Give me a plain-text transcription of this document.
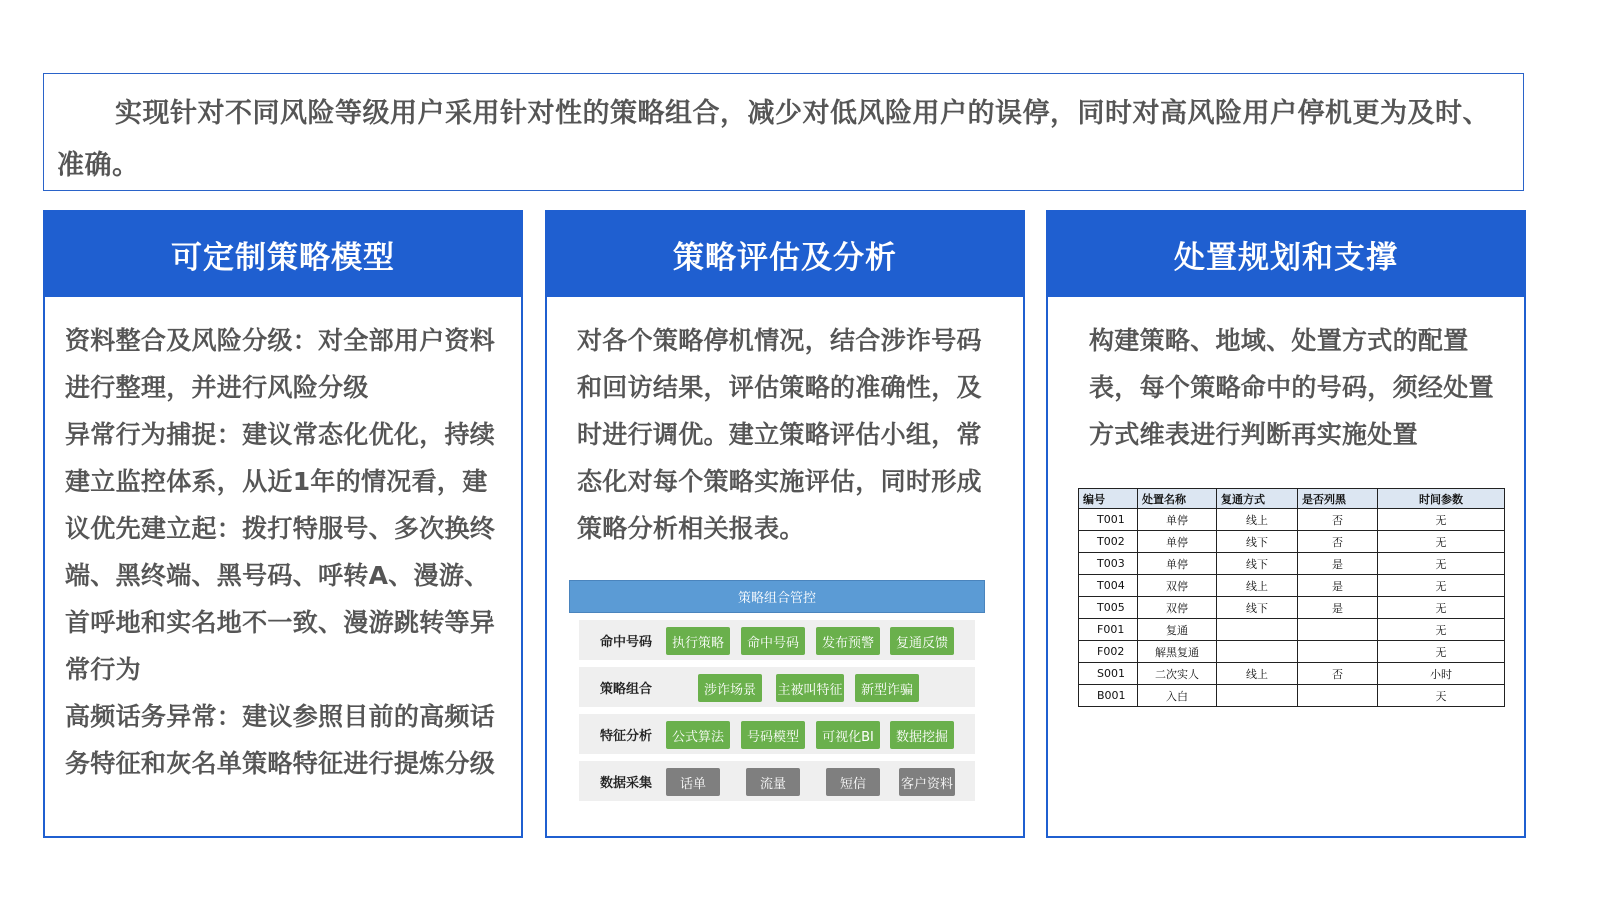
实现针对不同风险等级用户采用针对性的策略组合，减少对低风险用户的误停，同时对高风险用户停机更为及时、准确。

可定制策略模型

资料整合及风险分级：对全部用户资料进行整理，并进行风险分级

异常行为捕捉：建议常态化优化，持续建立监控体系，从近1年的情况看，建议优先建立起：拨打特服号、多次换终端、黑终端、黑号码、呼转A、漫游、首呼地和实名地不一致、漫游跳转等异常行为

高频话务异常：建议参照目前的高频话务特征和灰名单策略特征进行提炼分级

策略评估及分析

对各个策略停机情况，结合涉诈号码和回访结果，评估策略的准确性，及时进行调优。建立策略评估小组，常态化对每个策略实施评估，同时形成策略分析相关报表。

策略组合管控
命中号码	执行策略	命中号码	发布预警	复通反馈
策略组合	涉诈场景	主被叫特征	新型诈骗
特征分析	公式算法	号码模型	可视化BI	数据挖掘
数据采集	话单	流量	短信	客户资料
处置规划和支撑

构建策略、地域、处置方式的配置表，每个策略命中的号码，须经处置方式维表进行判断再实施处置

编号	处置名称	复通方式	是否列黑	时间参数
T001	单停	线上	否	无
T002	单停	线下	否	无
T003	单停	线下	是	无
T004	双停	线上	是	无
T005	双停	线下	是	无
F001	复通			无
F002	解黑复通			无
S001	二次实人	线上	否	小时
B001	入白			天
